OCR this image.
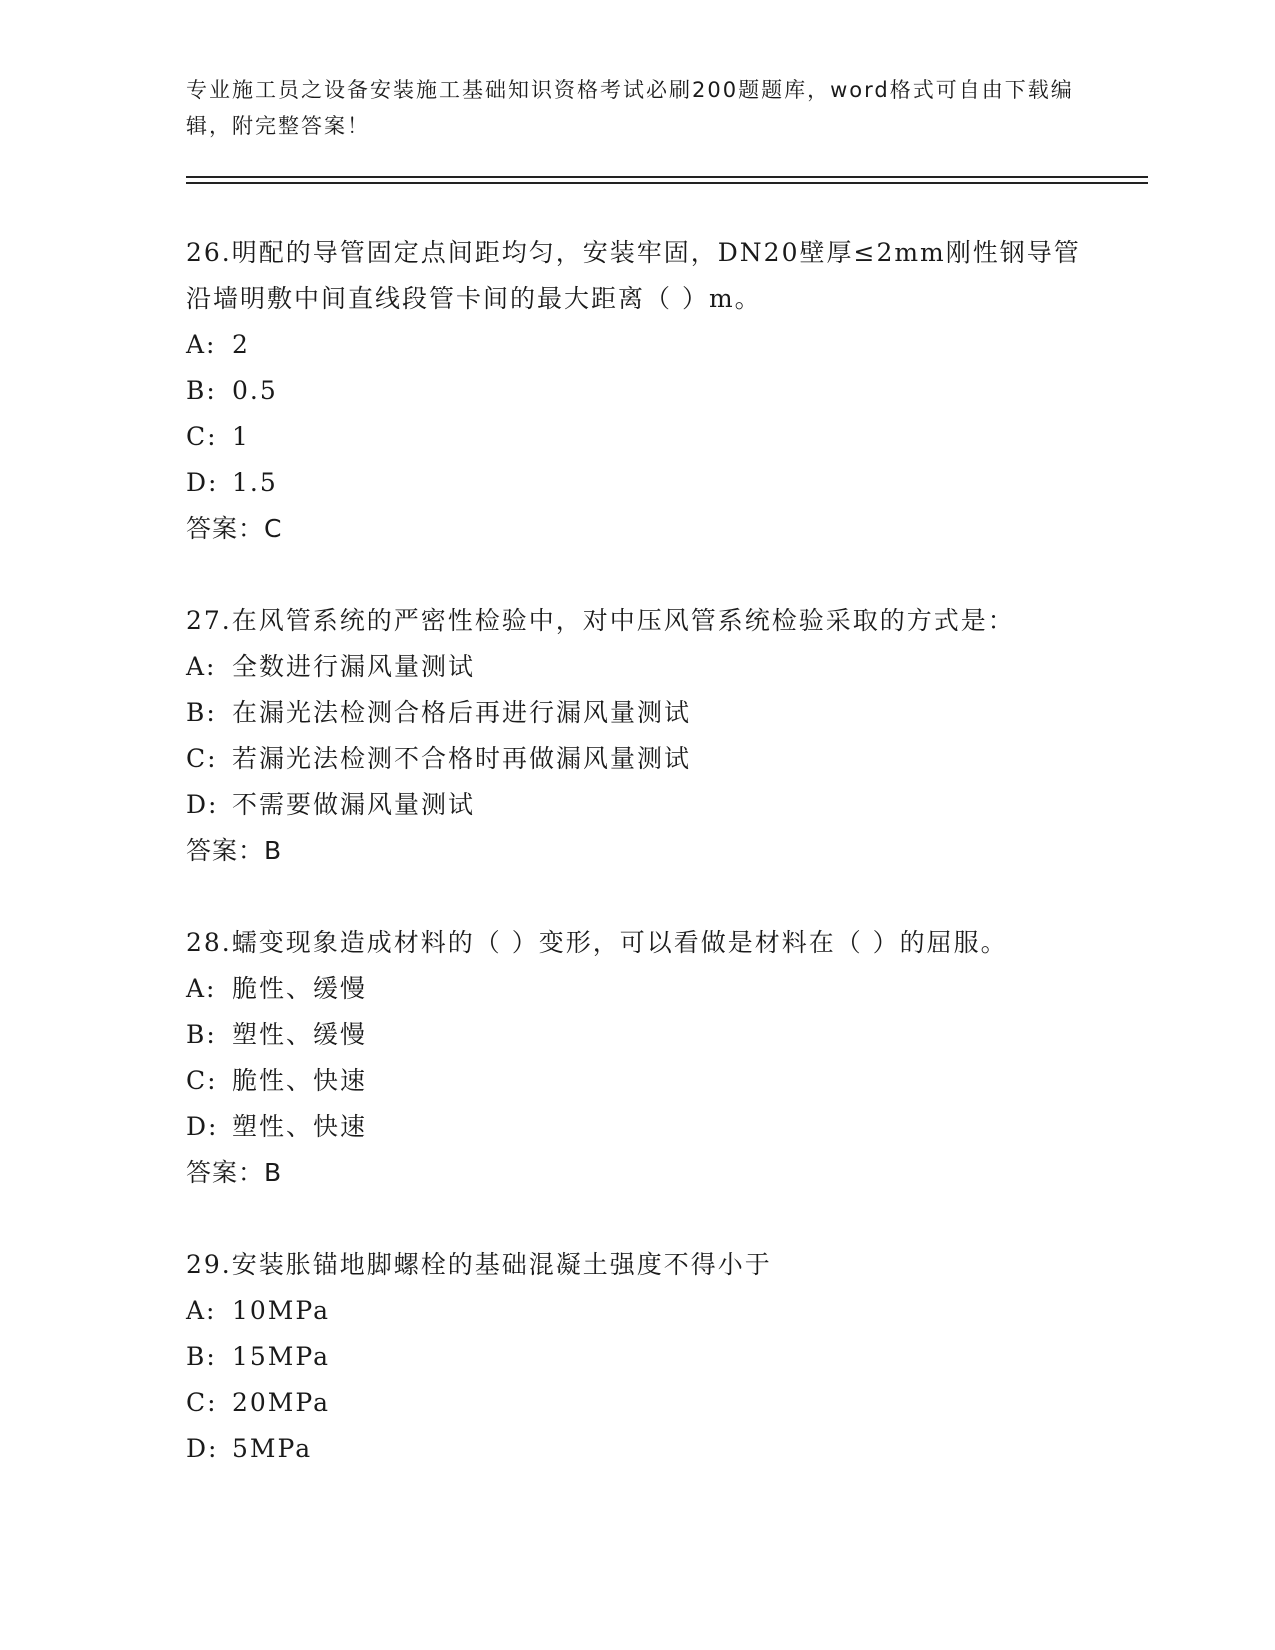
专业施工员之设备安装施工基础知识资格考试必刷200题题库，word格式可自由下载编辑，附完整答案！

26.明配的导管固定点间距均匀，安装牢固，DN20壁厚≤2mm刚性钢导管沿墙明敷中间直线段管卡间的最大距离（ ）m。

A: 2

B: 0.5

C: 1

D: 1.5

答案：C

27.在风管系统的严密性检验中，对中压风管系统检验采取的方式是：

A: 全数进行漏风量测试

B: 在漏光法检测合格后再进行漏风量测试

C: 若漏光法检测不合格时再做漏风量测试

D: 不需要做漏风量测试

答案：B

28.蠕变现象造成材料的（ ）变形，可以看做是材料在（ ）的屈服。

A: 脆性、缓慢

B: 塑性、缓慢

C: 脆性、快速

D: 塑性、快速

答案：B

29.安装胀锚地脚螺栓的基础混凝土强度不得小于

A: 10MPa

B: 15MPa

C: 20MPa

D: 5MPa
